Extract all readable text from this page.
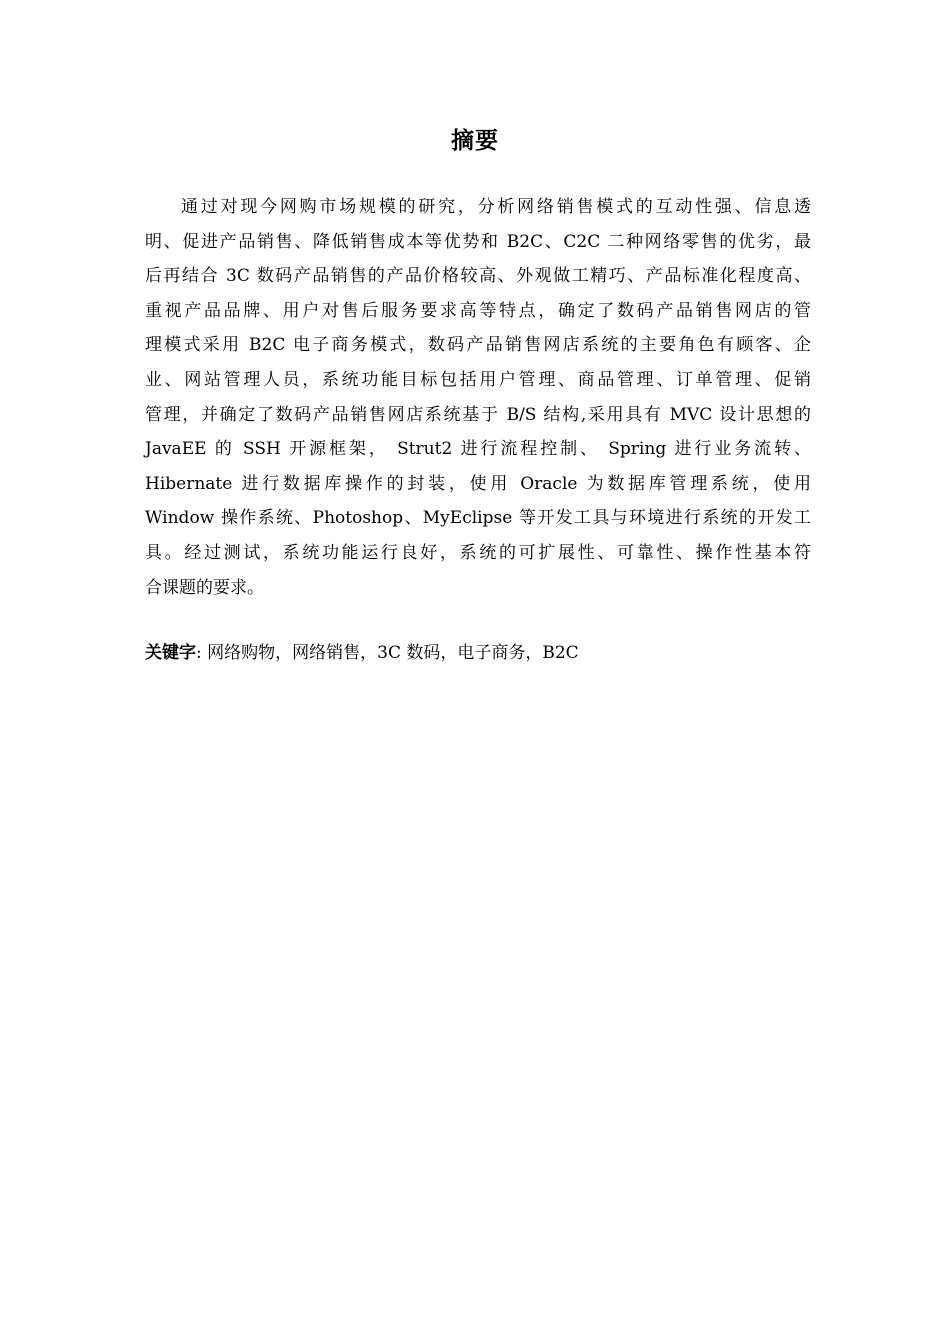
摘要
通过对现今网购市场规模的研究，分析网络销售模式的互动性强、信息透
明、促进产品销售、降低销售成本等优势和 B2C、C2C 二种网络零售的优劣，最
后再结合 3C 数码产品销售的产品价格较高、外观做工精巧、产品标准化程度高、
重视产品品牌、用户对售后服务要求高等特点，确定了数码产品销售网店的管
理模式采用 B2C 电子商务模式，数码产品销售网店系统的主要角色有顾客、企
业、网站管理人员，系统功能目标包括用户管理、商品管理、订单管理、促销
管理，并确定了数码产品销售网店系统基于 B/S 结构,采用具有 MVC 设计思想的
JavaEE 的 SSH 开源框架， Strut2 进行流程控制、 Spring 进行业务流转、
Hibernate 进行数据库操作的封装，使用 Oracle 为数据库管理系统，使用
Window 操作系统、Photoshop、MyEclipse 等开发工具与环境进行系统的开发工
具。经过测试，系统功能运行良好，系统的可扩展性、可靠性、操作性基本符
合课题的要求。
关键字: 网络购物，网络销售，3C 数码，电子商务，B2C
